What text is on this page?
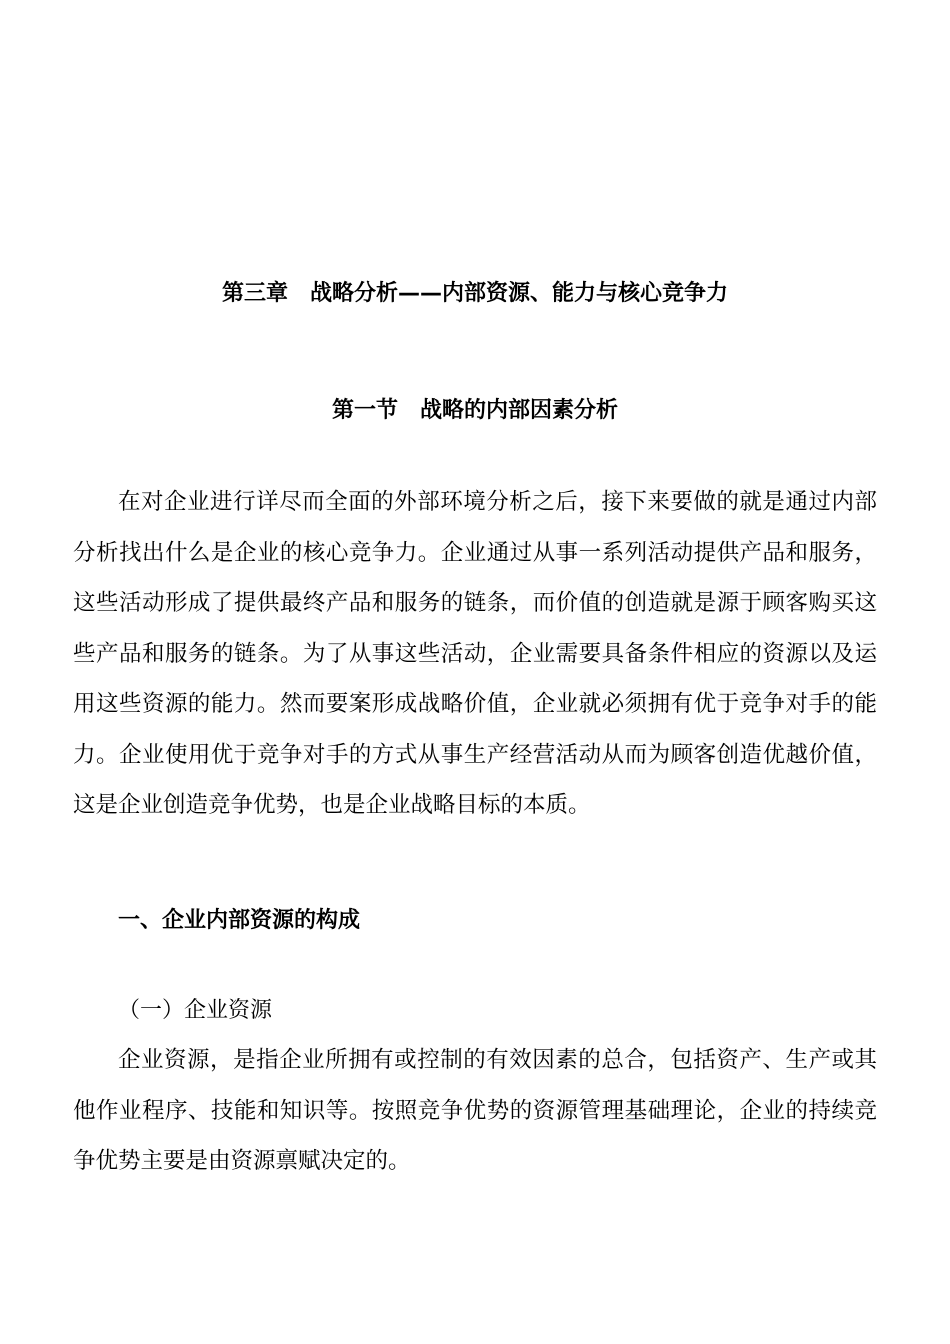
第三章　战略分析——内部资源、能力与核心竞争力
第一节　战略的内部因素分析

在对企业进行详尽而全面的外部环境分析之后，接下来要做的就是通过内部分析找出什么是企业的核心竞争力。企业通过从事一系列活动提供产品和服务，这些活动形成了提供最终产品和服务的链条，而价值的创造就是源于顾客购买这些产品和服务的链条。为了从事这些活动，企业需要具备条件相应的资源以及运用这些资源的能力。然而要案形成战略价值，企业就必须拥有优于竞争对手的能力。企业使用优于竞争对手的方式从事生产经营活动从而为顾客创造优越价值，这是企业创造竞争优势，也是企业战略目标的本质。

一、企业内部资源的构成
（一）企业资源

企业资源，是指企业所拥有或控制的有效因素的总合，包括资产、生产或其他作业程序、技能和知识等。按照竞争优势的资源管理基础理论，企业的持续竞争优势主要是由资源禀赋决定的。
